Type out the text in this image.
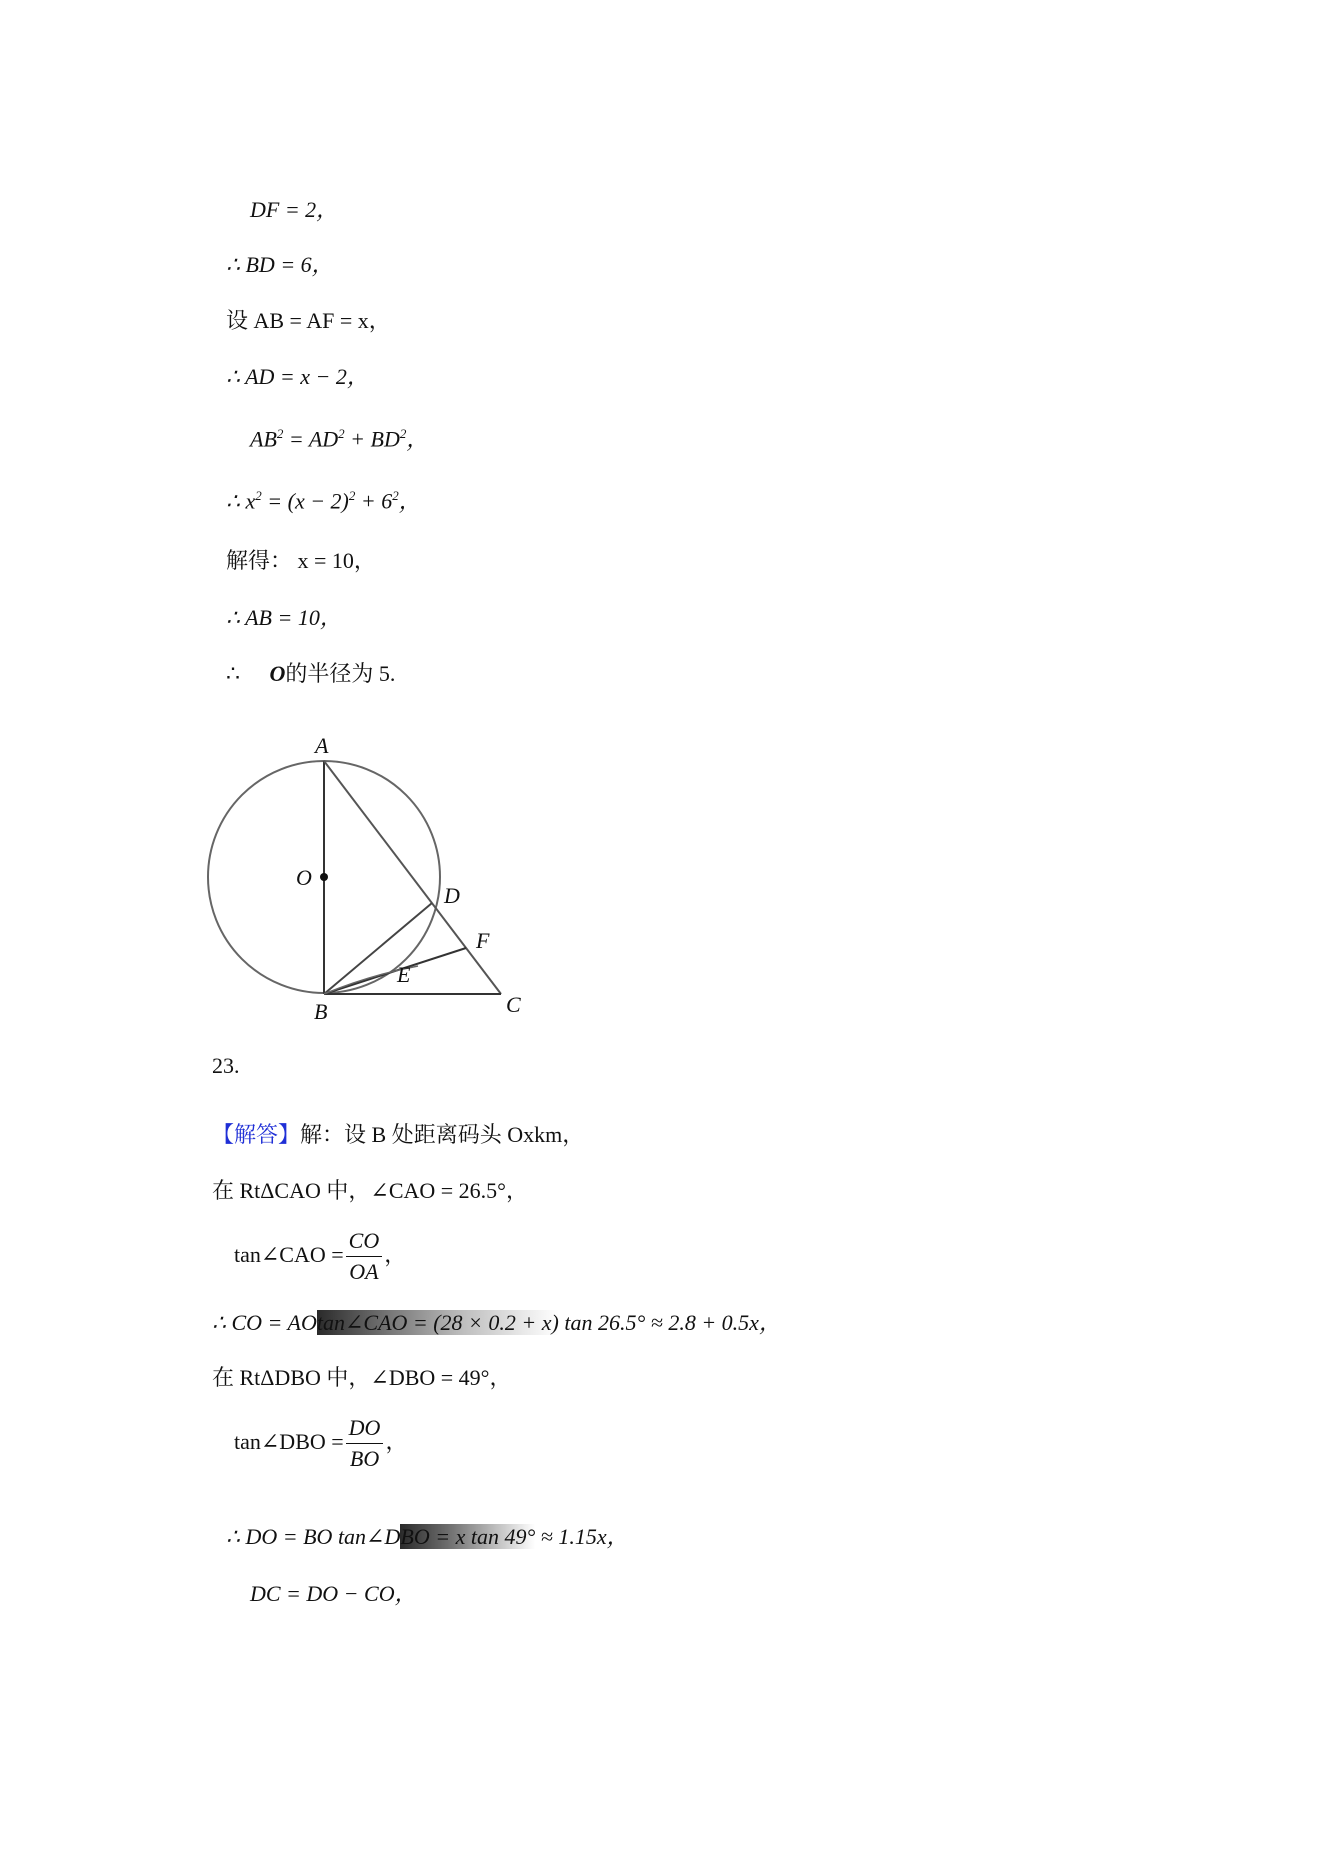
DF = 2，
∴ BD = 6，
设 AB = AF = x，
∴ AD = x − 2，
$AB^2 = AD^2 + BD^2$，
∴ $x^2 = (x - 2)^2 + 6^2$，
解得： x = 10，
∴ AB = 10，
∴ O的半径为 5.
A
O
D
F
E
B	C
23.
【解答】解：设 B 处距离码头 Oxkm，
在 RtΔCAO 中，∠CAO = 26.5°，
tan∠CAO = $\frac{CO}{OA}$ ，
∴ CO = AOtan∠CAO = (28 × 0.2 + x) tan 26.5° ≈ 2.8 + 0.5x，
在 RtΔDBO 中，∠DBO = 49°，
tan∠DBO = $\frac{DO}{BO}$ ，
∴ DO = BO tan∠DBO = x tan 49° ≈ 1.15x，
DC = DO − CO，
